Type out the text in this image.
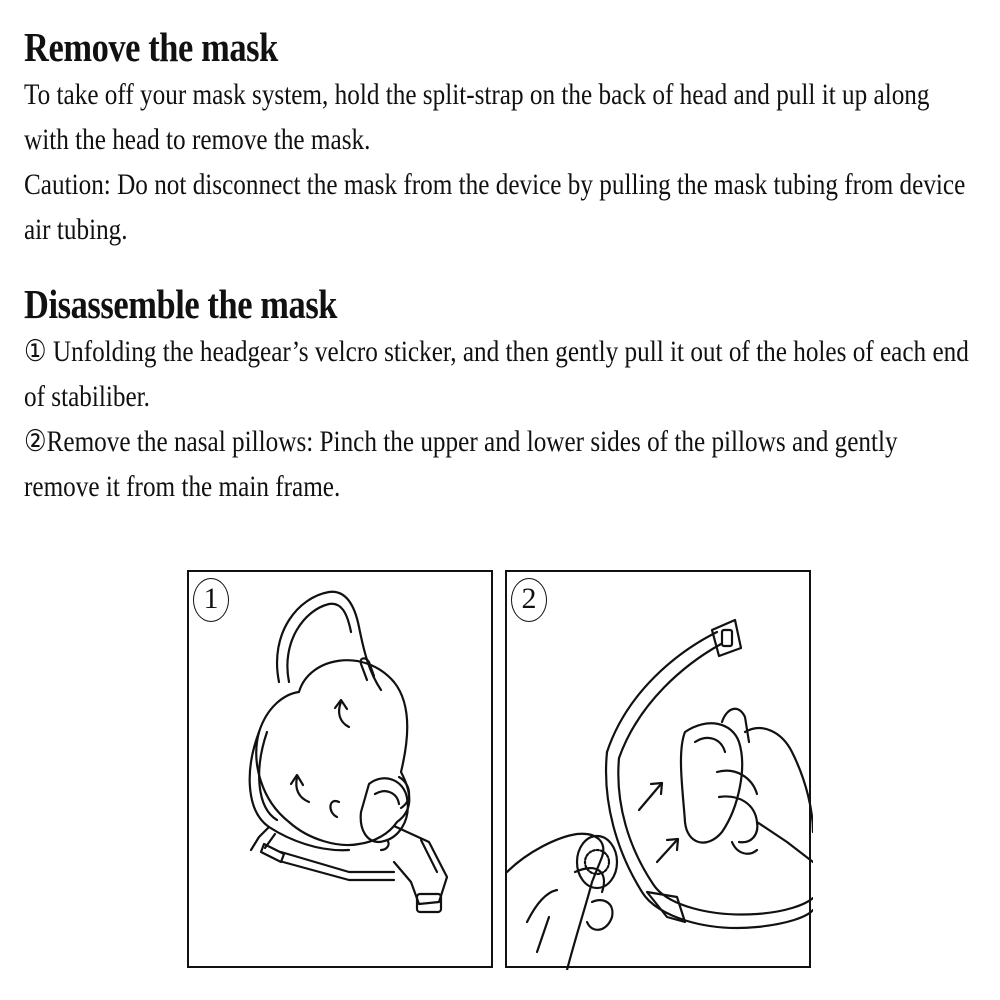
Remove the mask

To take off your mask system, hold the split-strap on the back of head and pull it up along with the head to remove the mask.

Caution: Do not disconnect the mask from the device by pulling the mask tubing from device air tubing.

Disassemble the mask

① Unfolding the headgear’s velcro sticker, and then gently pull it out of the holes of each end of stabiliber.

②Remove the nasal pillows: Pinch the upper and lower sides of the pillows and gently remove it from the main frame.

1	2
